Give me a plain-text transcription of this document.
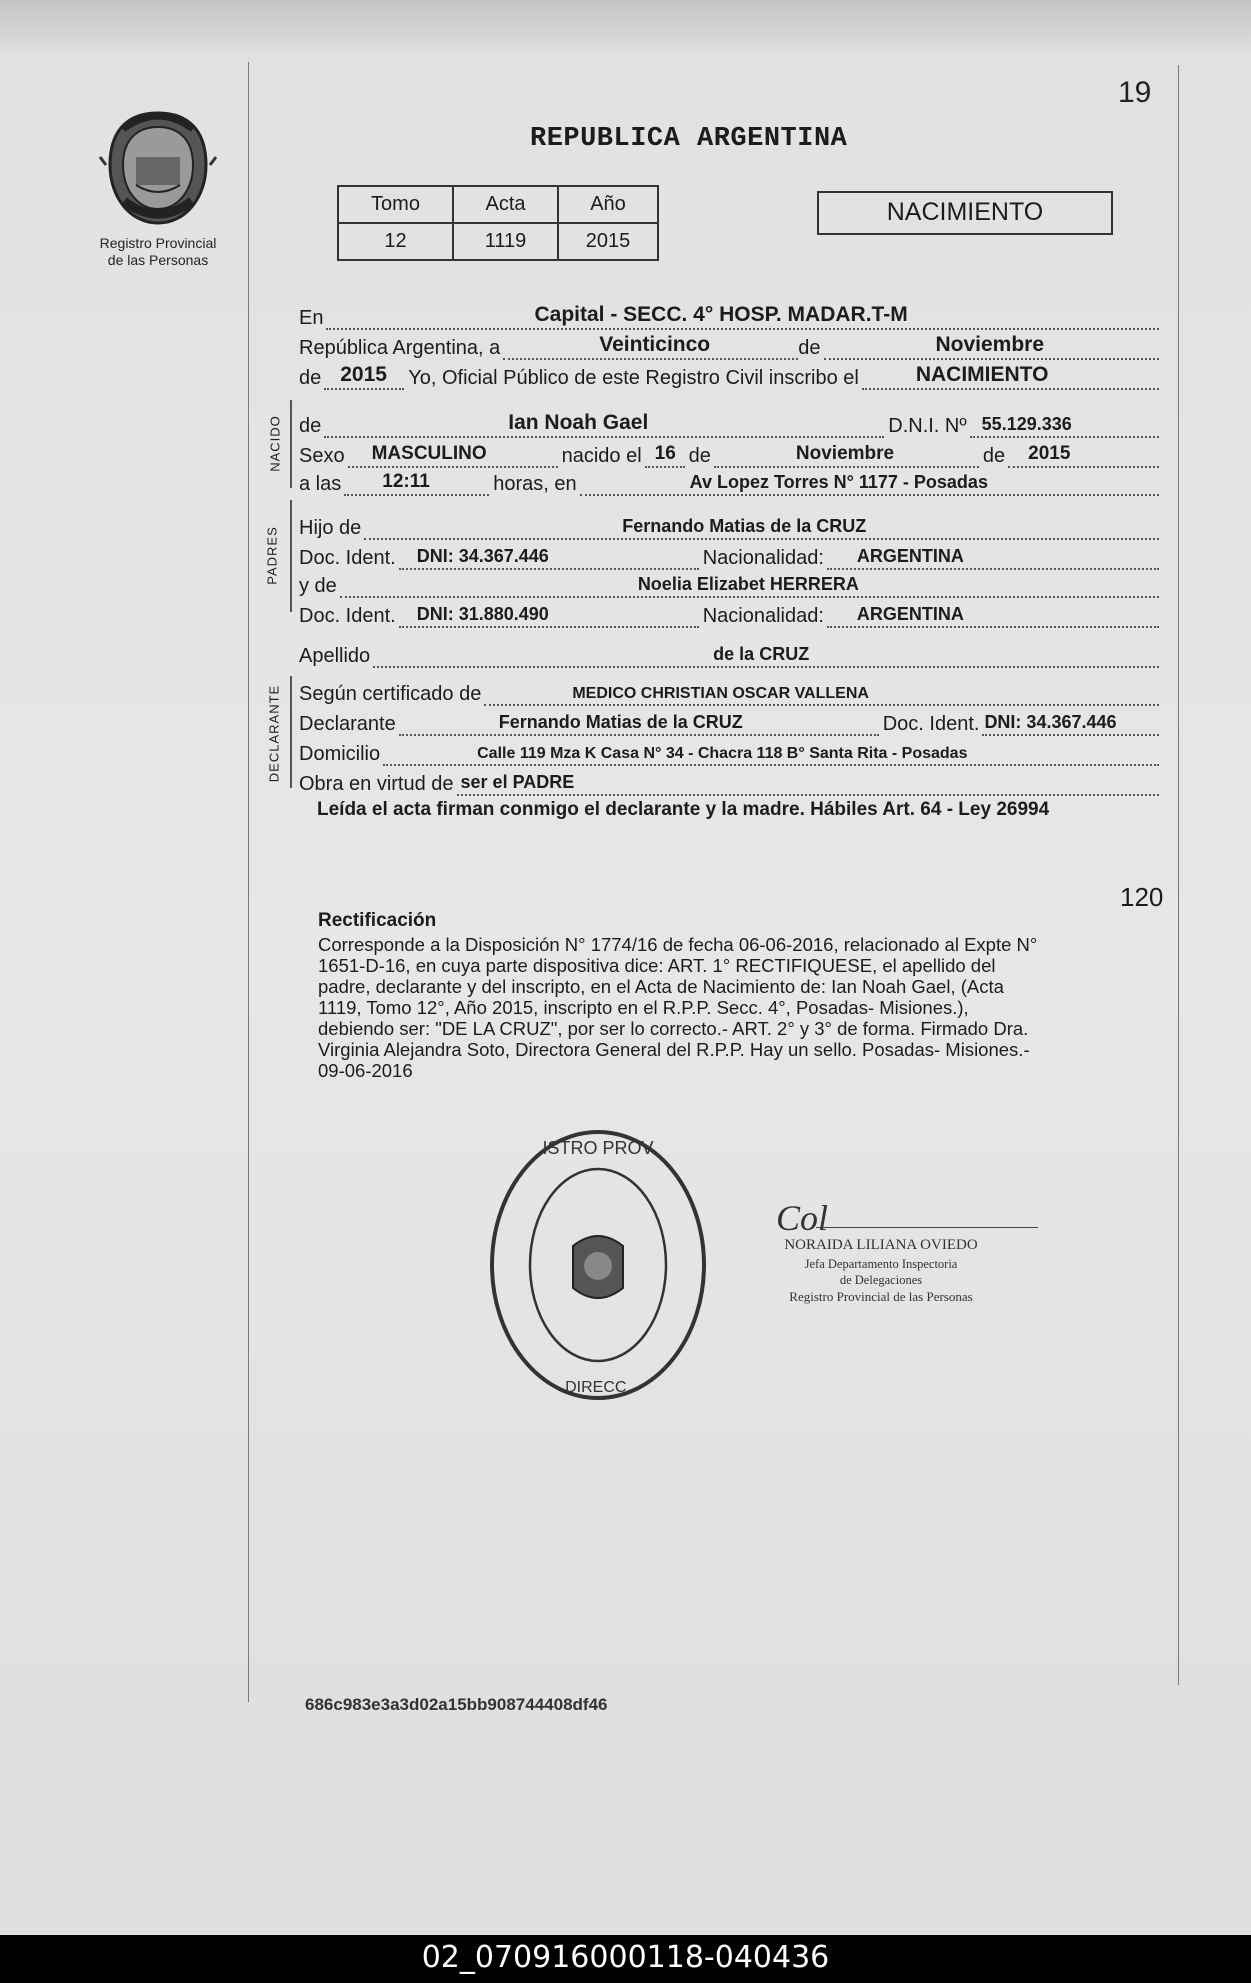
19
Registro Provincial
de las Personas
REPUBLICA ARGENTINA
Tomo	Acta	Año
12	1119	2015
NACIMIENTO
En	Capital - SECC. 4° HOSP. MADAR.T-M
República Argentina, a	Veinticinco	de	Noviembre
de 2015 Yo, Oficial Público de este Registro Civil inscribo el	NACIMIENTO
de	Ian Noah Gael	D.N.I. Nº 55.129.336
Sexo MASCULINO	nacido el 16 de	Noviembre	de 2015
a las 12:11	horas, en	Av Lopez Torres N° 1177 - Posadas
Hijo de	Fernando Matias de la CRUZ
Doc. Ident. DNI: 34.367.446	Nacionalidad: ARGENTINA
y de	Noelia Elizabet HERRERA
Doc. Ident. DNI: 31.880.490	Nacionalidad: ARGENTINA
Apellido	de la CRUZ
Según certificado de	MEDICO CHRISTIAN OSCAR VALLENA
Declarante	Fernando Matias de la CRUZ	Doc. Ident. DNI: 34.367.446
Domicilio	Calle 119 Mza K Casa N° 34 - Chacra 118 B° Santa Rita - Posadas
Obra en virtud de ser el PADRE
NACIDO
PADRES
DECLARANTE
Leída el acta firman conmigo el declarante y la madre. Hábiles Art. 64 - Ley 26994
120
Rectificación
Corresponde a la Disposición N° 1774/16 de fecha 06-06-2016, relacionado al Expte N°
1651-D-16, en cuya parte dispositiva dice: ART. 1° RECTIFIQUESE, el apellido del
padre, declarante y del inscripto, en el Acta de Nacimiento de: Ian Noah Gael, (Acta
1119, Tomo 12°, Año 2015, inscripto en el R.P.P. Secc. 4°, Posadas- Misiones.),
debiendo ser: "DE LA CRUZ", por ser lo correcto.- ART. 2° y 3° de forma. Firmado Dra.
Virginia Alejandra Soto, Directora General del R.P.P. Hay un sello. Posadas- Misiones.-
09-06-2016
ISTRO PROV
DIRECC.
Col
NORAIDA LILIANA OVIEDO
Jefa Departamento Inspectoria
de Delegaciones
Registro Provincial de las Personas
686c983e3a3d02a15bb908744408df46
02_070916000118-040436
